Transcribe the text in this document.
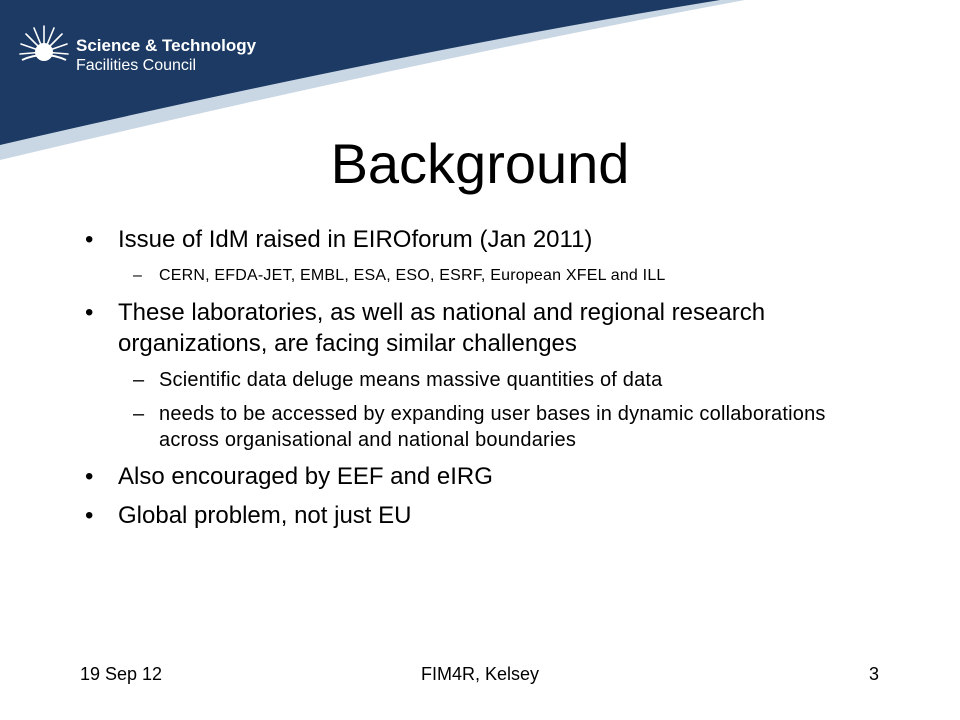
Science & Technology
Facilities Council
Background
• Issue of IdM raised in EIROforum (Jan 2011)
– CERN, EFDA-JET, EMBL, ESA, ESO, ESRF, European XFEL and ILL
• These laboratories, as well as national and regional research organizations, are facing similar challenges
– Scientific data deluge means massive quantities of data
– needs to be accessed by expanding user bases in dynamic collaborations across organisational and national boundaries
• Also encouraged by EEF and eIRG
• Global problem, not just EU
19 Sep 12	FIM4R, Kelsey	3
